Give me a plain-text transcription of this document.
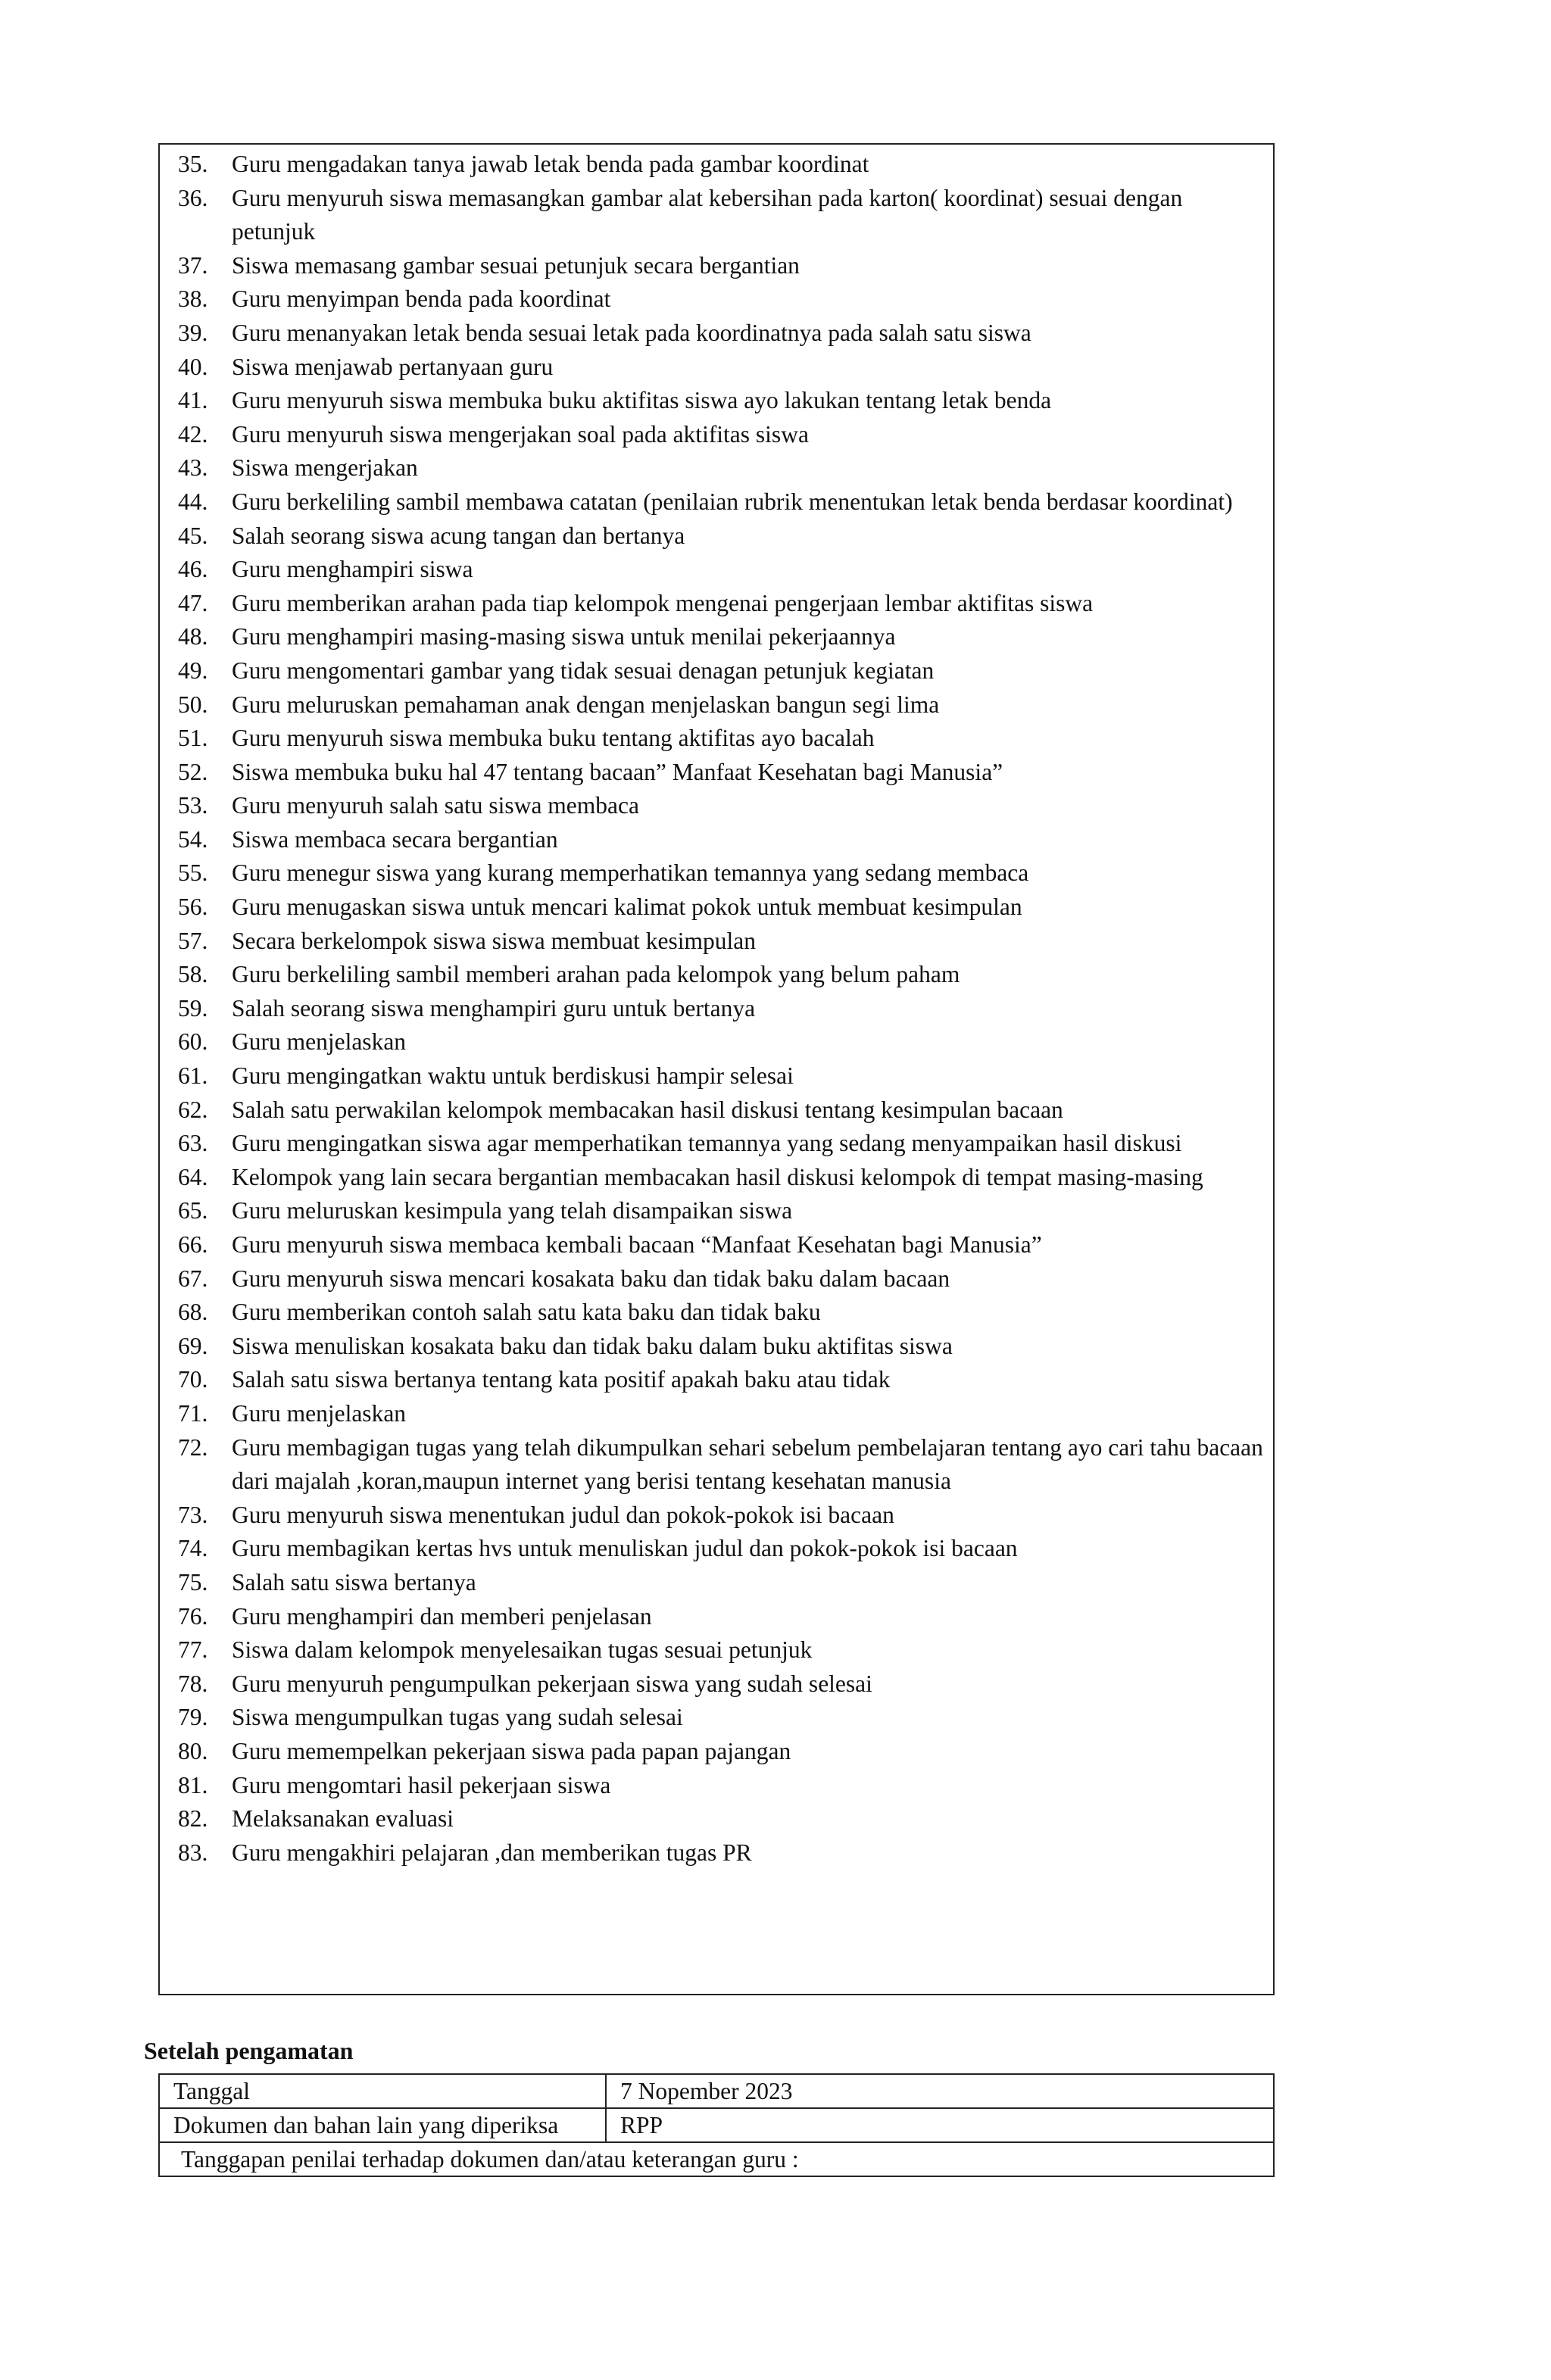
35. Guru mengadakan tanya jawab letak benda pada gambar koordinat
36. Guru menyuruh siswa memasangkan gambar alat kebersihan pada karton( koordinat) sesuai dengan petunjuk
37. Siswa memasang gambar sesuai petunjuk secara bergantian
38. Guru menyimpan benda pada koordinat
39. Guru menanyakan letak benda sesuai letak pada koordinatnya pada salah satu siswa
40. Siswa menjawab pertanyaan guru
41. Guru menyuruh siswa membuka buku aktifitas siswa ayo lakukan tentang letak benda
42. Guru menyuruh siswa mengerjakan soal pada aktifitas siswa
43. Siswa mengerjakan
44. Guru berkeliling sambil membawa catatan (penilaian rubrik menentukan letak benda berdasar koordinat)
45. Salah seorang siswa acung tangan dan bertanya
46. Guru menghampiri siswa
47. Guru memberikan arahan pada tiap kelompok mengenai pengerjaan lembar aktifitas siswa
48. Guru menghampiri masing-masing siswa untuk menilai pekerjaannya
49. Guru mengomentari gambar yang tidak sesuai denagan petunjuk kegiatan
50. Guru meluruskan pemahaman anak dengan menjelaskan bangun segi lima
51. Guru menyuruh siswa membuka buku tentang aktifitas ayo bacalah
52. Siswa membuka buku hal 47 tentang bacaan” Manfaat Kesehatan bagi Manusia”
53. Guru menyuruh salah satu siswa membaca
54. Siswa membaca secara bergantian
55. Guru menegur siswa yang kurang memperhatikan temannya yang sedang membaca
56. Guru menugaskan siswa untuk mencari kalimat pokok untuk membuat kesimpulan
57. Secara berkelompok siswa siswa membuat kesimpulan
58. Guru berkeliling sambil memberi arahan pada kelompok yang belum paham
59. Salah seorang siswa menghampiri guru untuk bertanya
60. Guru menjelaskan
61. Guru mengingatkan waktu untuk berdiskusi hampir selesai
62. Salah satu perwakilan kelompok membacakan hasil diskusi tentang kesimpulan bacaan
63. Guru mengingatkan siswa agar memperhatikan temannya yang sedang menyampaikan hasil diskusi
64. Kelompok yang lain secara bergantian membacakan hasil diskusi kelompok di tempat masing-masing
65. Guru meluruskan kesimpula yang telah disampaikan siswa
66. Guru menyuruh siswa membaca kembali bacaan “Manfaat Kesehatan bagi Manusia”
67. Guru menyuruh siswa mencari kosakata baku dan tidak baku dalam bacaan
68. Guru memberikan contoh salah satu kata baku dan tidak baku
69. Siswa menuliskan kosakata baku dan tidak baku dalam buku aktifitas siswa
70. Salah satu siswa bertanya tentang kata positif apakah baku atau tidak
71. Guru menjelaskan
72. Guru membagigan tugas yang telah dikumpulkan sehari sebelum pembelajaran tentang ayo cari tahu bacaan dari majalah ,koran,maupun internet yang berisi tentang kesehatan manusia
73. Guru menyuruh siswa menentukan judul dan pokok-pokok isi bacaan
74. Guru membagikan kertas hvs untuk menuliskan judul dan pokok-pokok isi bacaan
75. Salah satu siswa bertanya
76. Guru menghampiri dan memberi penjelasan
77. Siswa dalam kelompok menyelesaikan tugas sesuai petunjuk
78. Guru menyuruh pengumpulkan pekerjaan siswa yang sudah selesai
79. Siswa mengumpulkan tugas yang sudah selesai
80. Guru memempelkan pekerjaan siswa pada papan pajangan
81. Guru mengomtari hasil pekerjaan siswa
82. Melaksanakan evaluasi
83. Guru mengakhiri pelajaran ,dan memberikan tugas PR
Setelah pengamatan
Tanggal	7 Nopember 2023
Dokumen dan bahan lain yang diperiksa	RPP
Tanggapan penilai terhadap dokumen dan/atau keterangan guru :	
